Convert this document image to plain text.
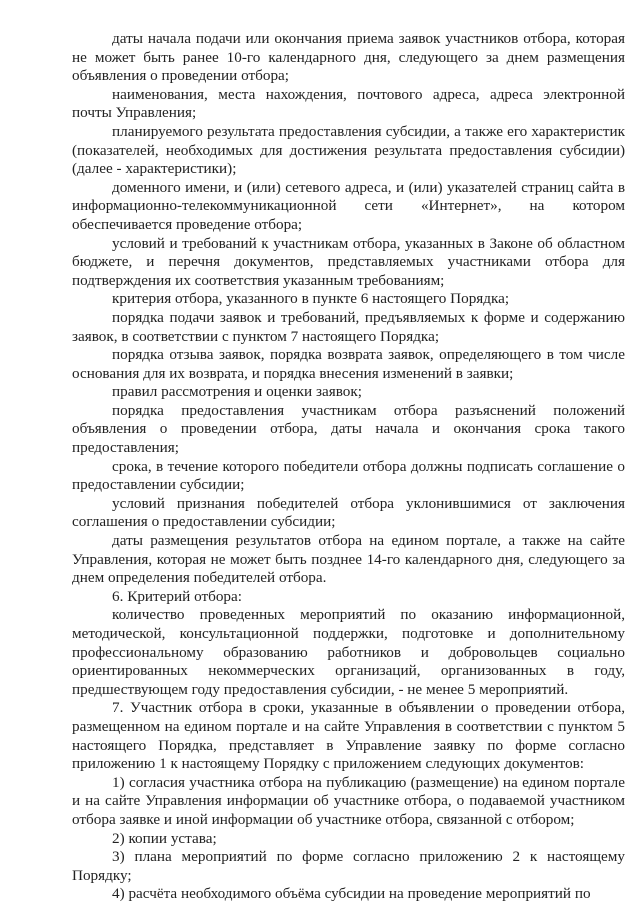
даты начала подачи или окончания приема заявок участников отбора, которая не может быть ранее 10-го календарного дня, следующего за днем размещения объявления о проведении отбора;

наименования, места нахождения, почтового адреса, адреса электронной почты Управления;

планируемого результата предоставления субсидии, а также его характеристик (показателей, необходимых для достижения результата предоставления субсидии) (далее - характеристики);

доменного имени, и (или) сетевого адреса, и (или) указателей страниц сайта в информационно-телекоммуникационной сети «Интернет», на котором обеспечивается проведение отбора;

условий и требований к участникам отбора, указанных в Законе об областном бюджете, и перечня документов, представляемых участниками отбора для подтверждения их соответствия указанным требованиям;

критерия отбора, указанного в пункте 6 настоящего Порядка;

порядка подачи заявок и требований, предъявляемых к форме и содержанию заявок, в соответствии с пунктом 7 настоящего Порядка;

порядка отзыва заявок, порядка возврата заявок, определяющего в том числе основания для их возврата, и порядка внесения изменений в заявки;

правил рассмотрения и оценки заявок;

порядка предоставления участникам отбора разъяснений положений объявления о проведении отбора, даты начала и окончания срока такого предоставления;

срока, в течение которого победители отбора должны подписать соглашение о предоставлении субсидии;

условий признания победителей отбора уклонившимися от заключения соглашения о предоставлении субсидии;

даты размещения результатов отбора на едином портале, а также на сайте Управления, которая не может быть позднее 14-го календарного дня, следующего за днем определения победителей отбора.

6. Критерий отбора:

количество проведенных мероприятий по оказанию информационной, методической, консультационной поддержки, подготовке и дополнительному профессиональному образованию работников и добровольцев социально ориентированных некоммерческих организаций, организованных в году, предшествующем году предоставления субсидии, - не менее 5 мероприятий.

7. Участник отбора в сроки, указанные в объявлении о проведении отбора, размещенном на едином портале и на сайте Управления в соответствии с пунктом 5 настоящего Порядка, представляет в Управление заявку по форме согласно приложению 1 к настоящему Порядку с приложением следующих документов:

1) согласия участника отбора на публикацию (размещение) на едином портале и на сайте Управления информации об участнике отбора, о подаваемой участником отбора заявке и иной информации об участнике отбора, связанной с отбором;

2) копии устава;

3) плана мероприятий по форме согласно приложению 2 к настоящему Порядку;

4) расчёта необходимого объёма субсидии на проведение мероприятий по
